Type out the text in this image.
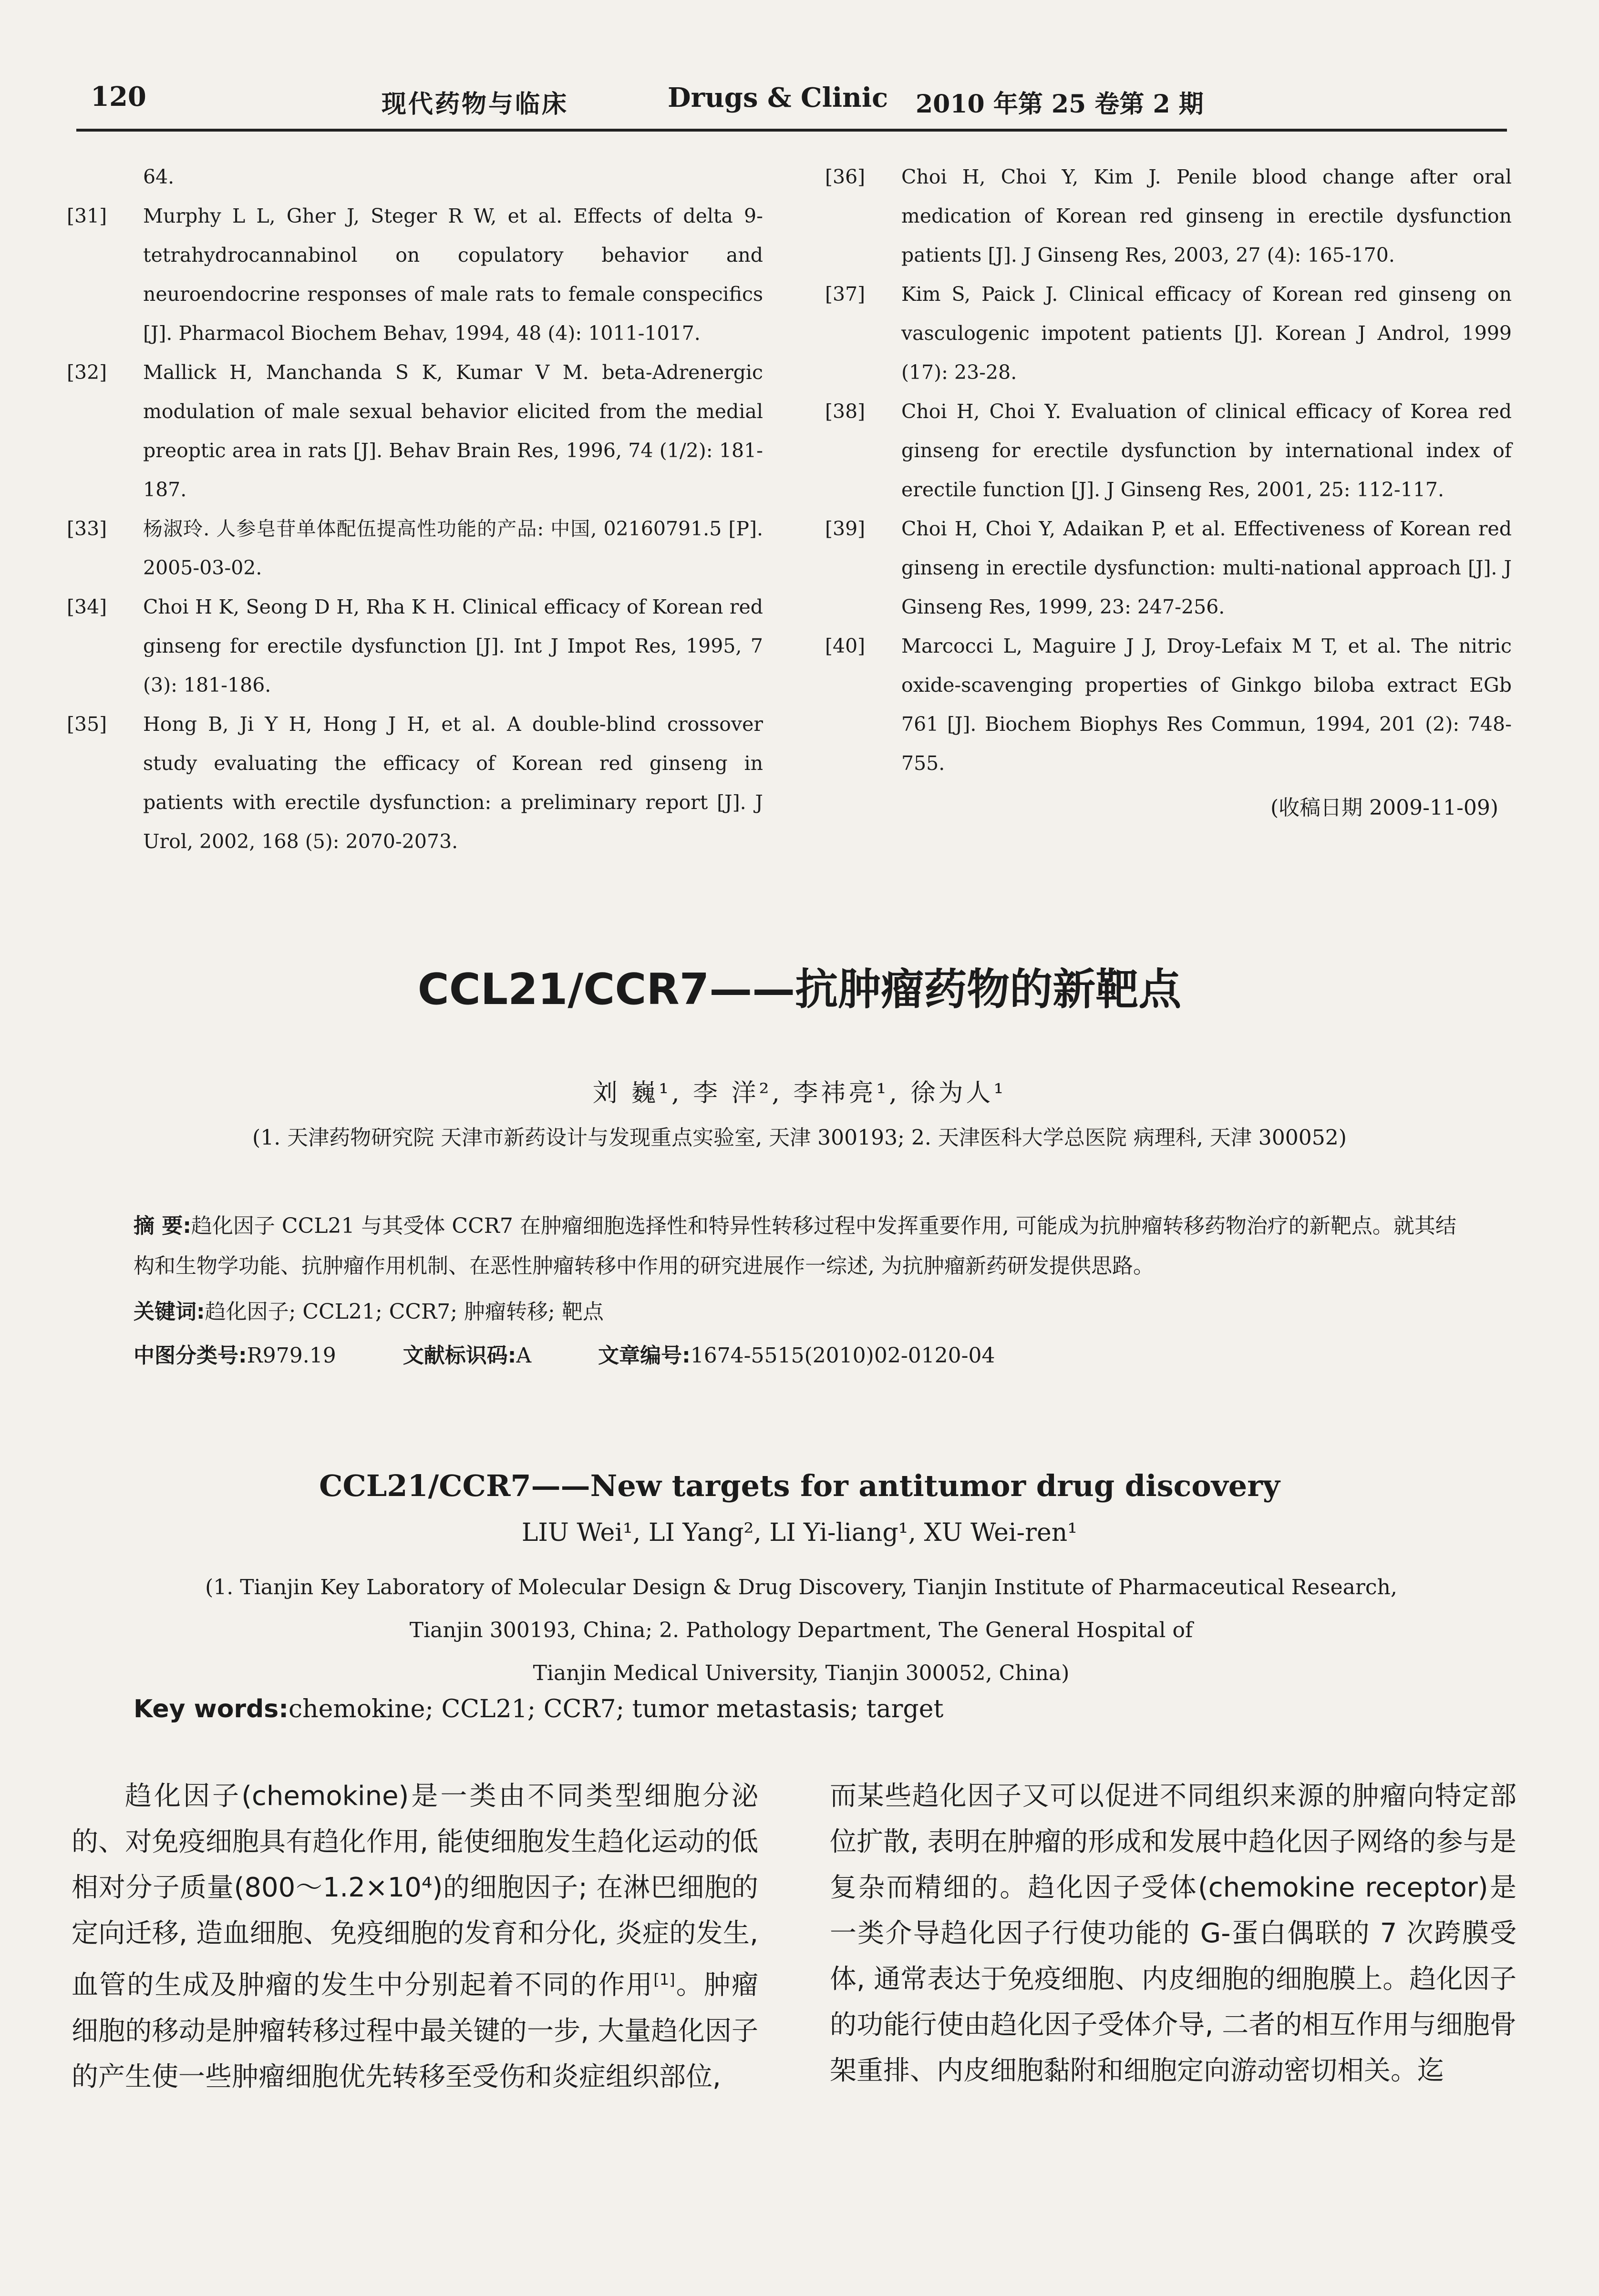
120	现代药物与临床	Drugs & Clinic 2010 年第 25 卷第 2 期
64.
[31] Murphy L L, Gher J, Steger R W, et al. Effects of delta 9-tetrahydrocannabinol on copulatory behavior and neuroendocrine responses of male rats to female conspecifics [J]. Pharmacol Biochem Behav, 1994, 48 (4): 1011-1017.
[32] Mallick H, Manchanda S K, Kumar V M. beta-Adrenergic modulation of male sexual behavior elicited from the medial preoptic area in rats [J]. Behav Brain Res, 1996, 74 (1/2): 181-187.
[33] 杨淑玲. 人参皂苷单体配伍提高性功能的产品: 中国, 02160791.5 [P]. 2005-03-02.
[34] Choi H K, Seong D H, Rha K H. Clinical efficacy of Korean red ginseng for erectile dysfunction [J]. Int J Impot Res, 1995, 7 (3): 181-186.
[35] Hong B, Ji Y H, Hong J H, et al. A double-blind crossover study evaluating the efficacy of Korean red ginseng in patients with erectile dysfunction: a preliminary report [J]. J Urol, 2002, 168 (5): 2070-2073.
[36] Choi H, Choi Y, Kim J. Penile blood change after oral medication of Korean red ginseng in erectile dysfunction patients [J]. J Ginseng Res, 2003, 27 (4): 165-170.
[37] Kim S, Paick J. Clinical efficacy of Korean red ginseng on vasculogenic impotent patients [J]. Korean J Androl, 1999 (17): 23-28.
[38] Choi H, Choi Y. Evaluation of clinical efficacy of Korea red ginseng for erectile dysfunction by international index of erectile function [J]. J Ginseng Res, 2001, 25: 112-117.
[39] Choi H, Choi Y, Adaikan P, et al. Effectiveness of Korean red ginseng in erectile dysfunction: multi-national approach [J]. J Ginseng Res, 1999, 23: 247-256.
[40] Marcocci L, Maguire J J, Droy-Lefaix M T, et al. The nitric oxide-scavenging properties of Ginkgo biloba extract EGb 761 [J]. Biochem Biophys Res Commun, 1994, 201 (2): 748-755.
(收稿日期 2009-11-09)
CCL21/CCR7——抗肿瘤药物的新靶点
刘 巍¹, 李 洋², 李祎亮¹, 徐为人¹
(1. 天津药物研究院 天津市新药设计与发现重点实验室, 天津 300193; 2. 天津医科大学总医院 病理科, 天津 300052)
摘 要:趋化因子 CCL21 与其受体 CCR7 在肿瘤细胞选择性和特异性转移过程中发挥重要作用, 可能成为抗肿瘤转移药物治疗的新靶点。就其结构和生物学功能、抗肿瘤作用机制、在恶性肿瘤转移中作用的研究进展作一综述, 为抗肿瘤新药研发提供思路。
关键词:趋化因子; CCL21; CCR7; 肿瘤转移; 靶点
中图分类号:R979.19	文献标识码:A	文章编号:1674-5515(2010)02-0120-04
CCL21/CCR7——New targets for antitumor drug discovery
LIU Wei¹, LI Yang², LI Yi-liang¹, XU Wei-ren¹
(1. Tianjin Key Laboratory of Molecular Design & Drug Discovery, Tianjin Institute of Pharmaceutical Research,
Tianjin 300193, China; 2. Pathology Department, The General Hospital of
Tianjin Medical University, Tianjin 300052, China)
Key words:chemokine; CCL21; CCR7; tumor metastasis; target
趋化因子(chemokine)是一类由不同类型细胞分泌的、对免疫细胞具有趋化作用, 能使细胞发生趋化运动的低相对分子质量(800～1.2×10⁴)的细胞因子; 在淋巴细胞的定向迁移, 造血细胞、免疫细胞的发育和分化, 炎症的发生, 血管的生成及肿瘤的发生中分别起着不同的作用[1]。肿瘤细胞的移动是肿瘤转移过程中最关键的一步, 大量趋化因子的产生使一些肿瘤细胞优先转移至受伤和炎症组织部位,
而某些趋化因子又可以促进不同组织来源的肿瘤向特定部位扩散, 表明在肿瘤的形成和发展中趋化因子网络的参与是复杂而精细的。趋化因子受体(chemokine receptor)是一类介导趋化因子行使功能的 G-蛋白偶联的 7 次跨膜受体, 通常表达于免疫细胞、内皮细胞的细胞膜上。趋化因子的功能行使由趋化因子受体介导, 二者的相互作用与细胞骨架重排、内皮细胞黏附和细胞定向游动密切相关。迄
